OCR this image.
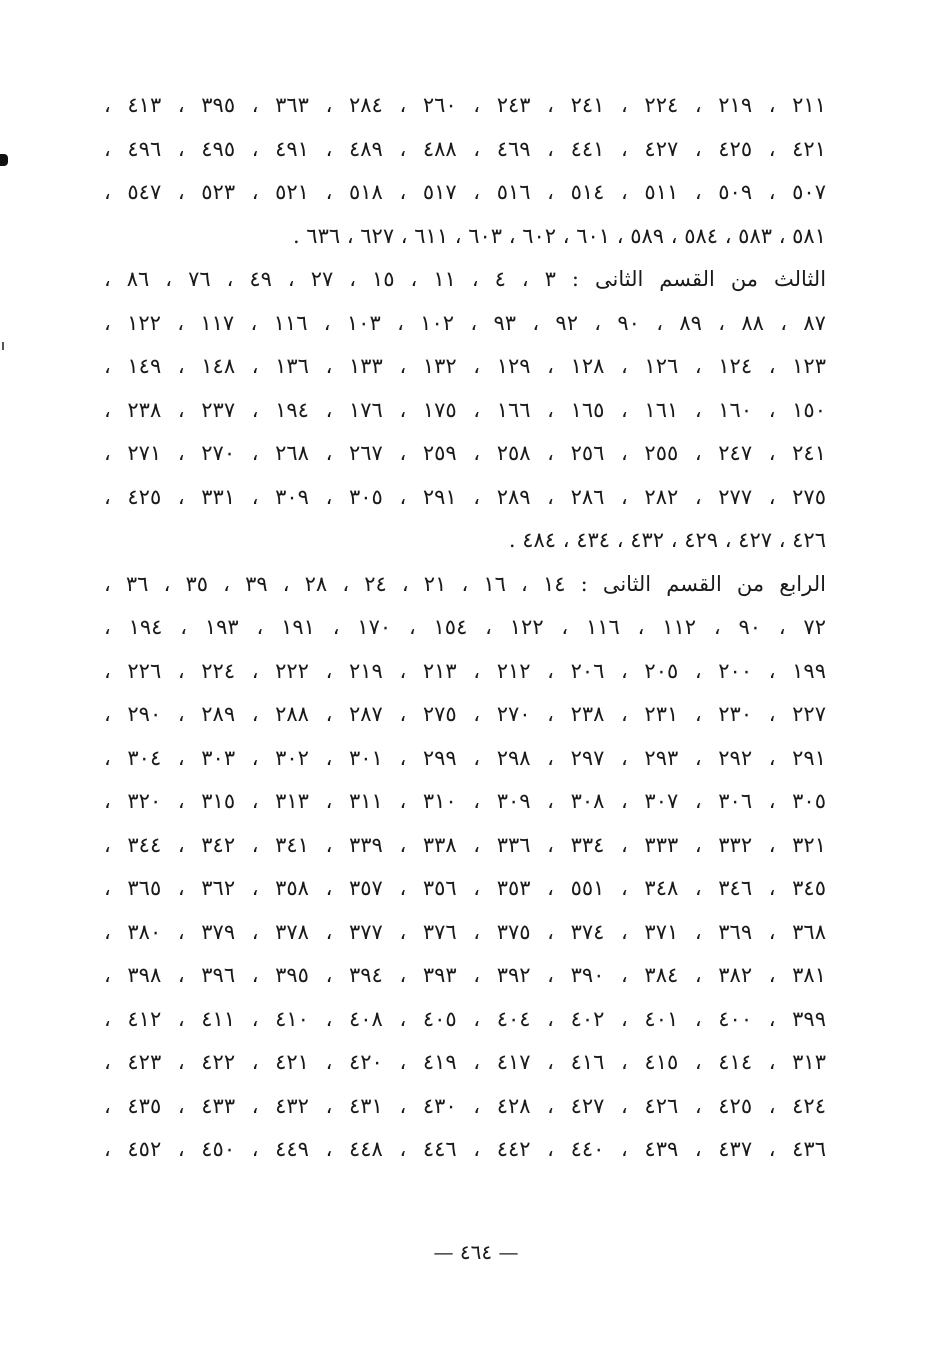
٢١١ ، ٢١٩ ، ٢٢٤ ، ٢٤١ ، ٢٤٣ ، ٢٦٠ ، ٢٨٤ ، ٣٦٣ ، ٣٩٥ ، ٤١٣ ،
٤٢١ ، ٤٢٥ ، ٤٢٧ ، ٤٤١ ، ٤٦٩ ، ٤٨٨ ، ٤٨٩ ، ٤٩١ ، ٤٩٥ ، ٤٩٦ ،
٥٠٧ ، ٥٠٩ ، ٥١١ ، ٥١٤ ، ٥١٦ ، ٥١٧ ، ٥١٨ ، ٥٢١ ، ٥٢٣ ، ٥٤٧ ،
٥٨١ ، ٥٨٣ ، ٥٨٤ ، ٥٨٩ ، ٦٠١ ، ٦٠٢ ، ٦٠٣ ، ٦١١ ، ٦٢٧ ، ٦٣٦ .
الثالث من القسم الثانى : ٣ ، ٤ ، ١١ ، ١٥ ، ٢٧ ، ٤٩ ، ٧٦ ، ٨٦ ،
٨٧ ، ٨٨ ، ٨٩ ، ٩٠ ، ٩٢ ، ٩٣ ، ١٠٢ ، ١٠٣ ، ١١٦ ، ١١٧ ، ١٢٢ ،
١٢٣ ، ١٢٤ ، ١٢٦ ، ١٢٨ ، ١٢٩ ، ١٣٢ ، ١٣٣ ، ١٣٦ ، ١٤٨ ، ١٤٩ ،
١٥٠ ، ١٦٠ ، ١٦١ ، ١٦٥ ، ١٦٦ ، ١٧٥ ، ١٧٦ ، ١٩٤ ، ٢٣٧ ، ٢٣٨ ،
٢٤١ ، ٢٤٧ ، ٢٥٥ ، ٢٥٦ ، ٢٥٨ ، ٢٥٩ ، ٢٦٧ ، ٢٦٨ ، ٢٧٠ ، ٢٧١ ،
٢٧٥ ، ٢٧٧ ، ٢٨٢ ، ٢٨٦ ، ٢٨٩ ، ٢٩١ ، ٣٠٥ ، ٣٠٩ ، ٣٣١ ، ٤٢٥ ،
٤٢٦ ، ٤٢٧ ، ٤٢٩ ، ٤٣٢ ، ٤٣٤ ، ٤٨٤ .
الرابع من القسم الثانى : ١٤ ، ١٦ ، ٢١ ، ٢٤ ، ٢٨ ، ٣٩ ، ٣٥ ، ٣٦ ،
٧٢ ، ٩٠ ، ١١٢ ، ١١٦ ، ١٢٢ ، ١٥٤ ، ١٧٠ ، ١٩١ ، ١٩٣ ، ١٩٤ ،
١٩٩ ، ٢٠٠ ، ٢٠٥ ، ٢٠٦ ، ٢١٢ ، ٢١٣ ، ٢١٩ ، ٢٢٢ ، ٢٢٤ ، ٢٢٦ ،
٢٢٧ ، ٢٣٠ ، ٢٣١ ، ٢٣٨ ، ٢٧٠ ، ٢٧٥ ، ٢٨٧ ، ٢٨٨ ، ٢٨٩ ، ٢٩٠ ،
٢٩١ ، ٢٩٢ ، ٢٩٣ ، ٢٩٧ ، ٢٩٨ ، ٢٩٩ ، ٣٠١ ، ٣٠٢ ، ٣٠٣ ، ٣٠٤ ،
٣٠٥ ، ٣٠٦ ، ٣٠٧ ، ٣٠٨ ، ٣٠٩ ، ٣١٠ ، ٣١١ ، ٣١٣ ، ٣١٥ ، ٣٢٠ ،
٣٢١ ، ٣٣٢ ، ٣٣٣ ، ٣٣٤ ، ٣٣٦ ، ٣٣٨ ، ٣٣٩ ، ٣٤١ ، ٣٤٢ ، ٣٤٤ ،
٣٤٥ ، ٣٤٦ ، ٣٤٨ ، ٥٥١ ، ٣٥٣ ، ٣٥٦ ، ٣٥٧ ، ٣٥٨ ، ٣٦٢ ، ٣٦٥ ،
٣٦٨ ، ٣٦٩ ، ٣٧١ ، ٣٧٤ ، ٣٧٥ ، ٣٧٦ ، ٣٧٧ ، ٣٧٨ ، ٣٧٩ ، ٣٨٠ ،
٣٨١ ، ٣٨٢ ، ٣٨٤ ، ٣٩٠ ، ٣٩٢ ، ٣٩٣ ، ٣٩٤ ، ٣٩٥ ، ٣٩٦ ، ٣٩٨ ،
٣٩٩ ، ٤٠٠ ، ٤٠١ ، ٤٠٢ ، ٤٠٤ ، ٤٠٥ ، ٤٠٨ ، ٤١٠ ، ٤١١ ، ٤١٢ ،
٣١٣ ، ٤١٤ ، ٤١٥ ، ٤١٦ ، ٤١٧ ، ٤١٩ ، ٤٢٠ ، ٤٢١ ، ٤٢٢ ، ٤٢٣ ،
٤٢٤ ، ٤٢٥ ، ٤٢٦ ، ٤٢٧ ، ٤٢٨ ، ٤٣٠ ، ٤٣١ ، ٤٣٢ ، ٤٣٣ ، ٤٣٥ ،
٤٣٦ ، ٤٣٧ ، ٤٣٩ ، ٤٤٠ ، ٤٤٢ ، ٤٤٦ ، ٤٤٨ ، ٤٤٩ ، ٤٥٠ ، ٤٥٢ ،
— ٤٦٤ —
